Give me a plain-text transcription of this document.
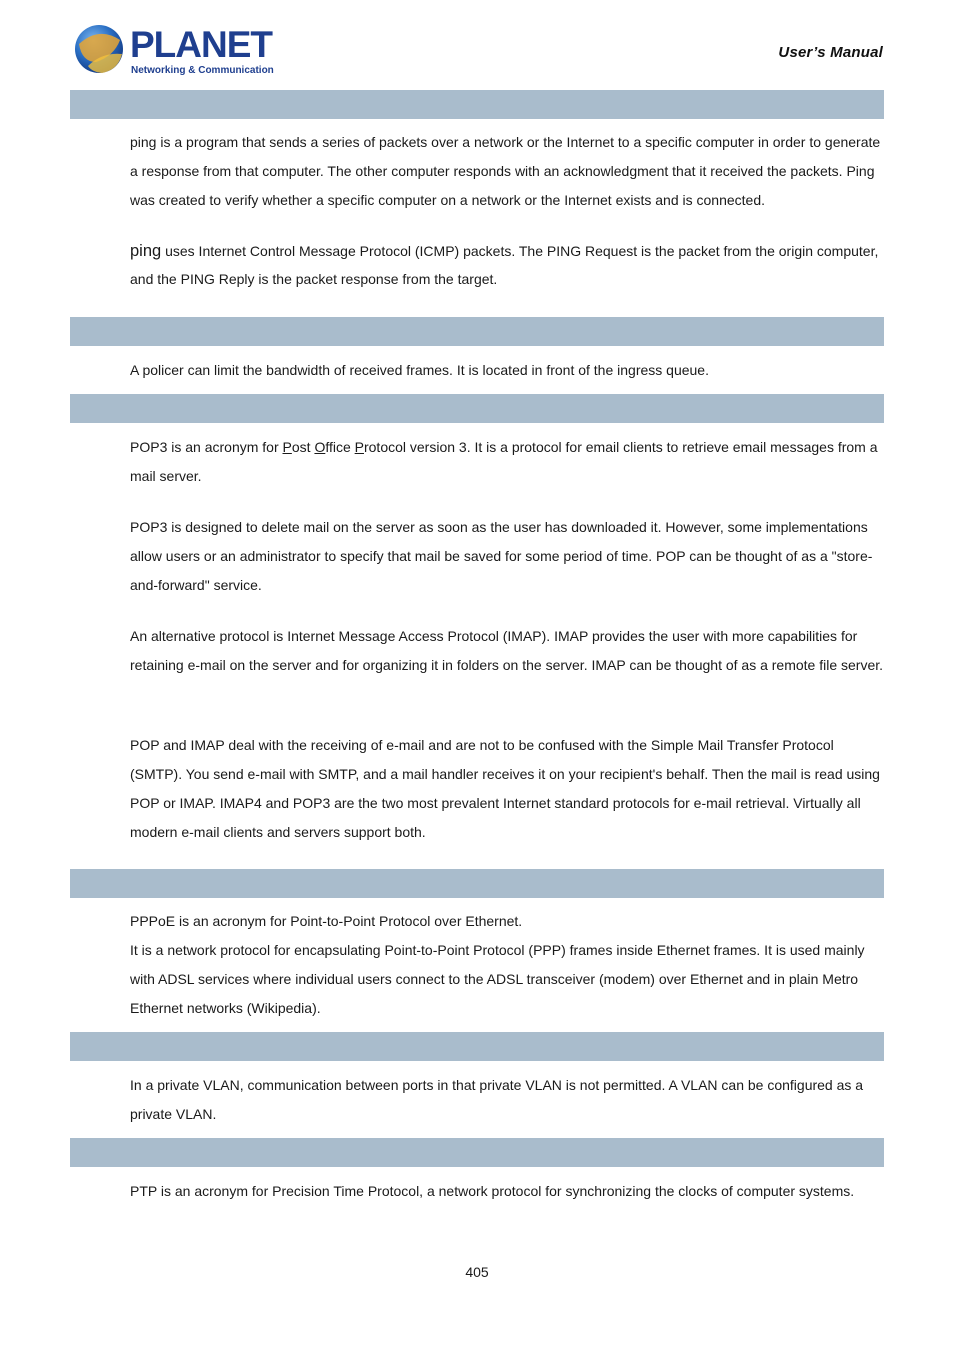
PLANET
Networking & Communication
User’s Manual
ping is a program that sends a series of packets over a network or the Internet to a specific computer in order to generate a response from that computer. The other computer responds with an acknowledgment that it received the packets. Ping was created to verify whether a specific computer on a network or the Internet exists and is connected.
ping uses Internet Control Message Protocol (ICMP) packets. The PING Request is the packet from the origin computer, and the PING Reply is the packet response from the target.
A policer can limit the bandwidth of received frames. It is located in front of the ingress queue.
POP3 is an acronym for Post Office Protocol version 3. It is a protocol for email clients to retrieve email messages from a mail server.
POP3 is designed to delete mail on the server as soon as the user has downloaded it. However, some implementations allow users or an administrator to specify that mail be saved for some period of time. POP can be thought of as a "store-and-forward" service.
An alternative protocol is Internet Message Access Protocol (IMAP). IMAP provides the user with more capabilities for retaining e-mail on the server and for organizing it in folders on the server. IMAP can be thought of as a remote file server.
POP and IMAP deal with the receiving of e-mail and are not to be confused with the Simple Mail Transfer Protocol (SMTP). You send e-mail with SMTP, and a mail handler receives it on your recipient's behalf. Then the mail is read using POP or IMAP. IMAP4 and POP3 are the two most prevalent Internet standard protocols for e-mail retrieval. Virtually all modern e-mail clients and servers support both.
PPPoE is an acronym for Point-to-Point Protocol over Ethernet.
It is a network protocol for encapsulating Point-to-Point Protocol (PPP) frames inside Ethernet frames. It is used mainly with ADSL services where individual users connect to the ADSL transceiver (modem) over Ethernet and in plain Metro Ethernet networks (Wikipedia).
In a private VLAN, communication between ports in that private VLAN is not permitted. A VLAN can be configured as a private VLAN.
PTP is an acronym for Precision Time Protocol, a network protocol for synchronizing the clocks of computer systems.
405
